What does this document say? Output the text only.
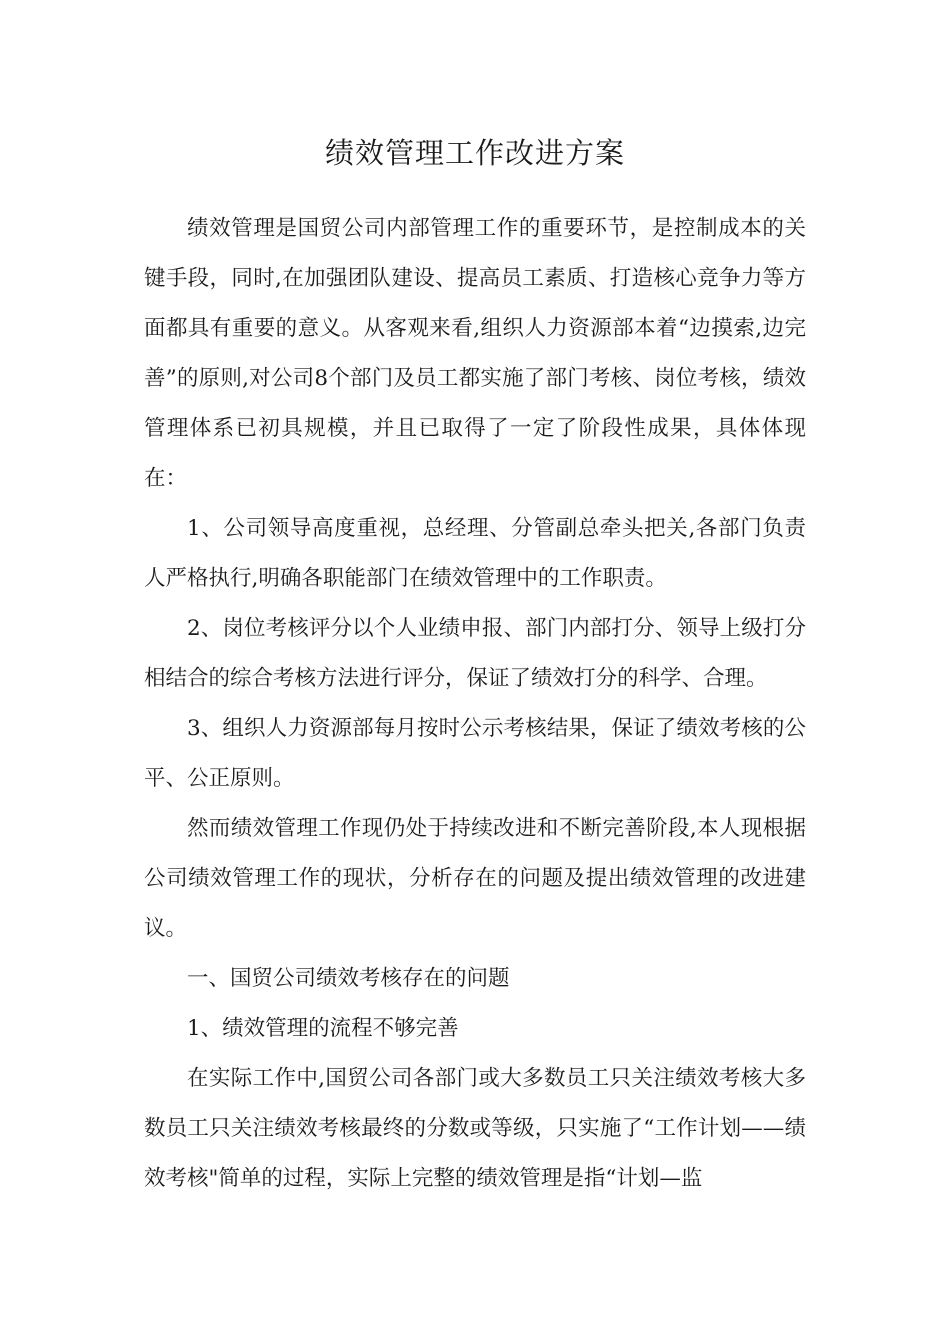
绩效管理工作改进方案

绩效管理是国贸公司内部管理工作的重要环节，是控制成本的关键手段，同时,在加强团队建设、提高员工素质、打造核心竞争力等方面都具有重要的意义。从客观来看,组织人力资源部本着“边摸索,边完善”的原则,对公司8个部门及员工都实施了部门考核、岗位考核，绩效管理体系已初具规模，并且已取得了一定了阶段性成果，具体体现在：

1、公司领导高度重视，总经理、分管副总牵头把关,各部门负责人严格执行,明确各职能部门在绩效管理中的工作职责。

2、岗位考核评分以个人业绩申报、部门内部打分、领导上级打分相结合的综合考核方法进行评分，保证了绩效打分的科学、合理。

3、组织人力资源部每月按时公示考核结果，保证了绩效考核的公平、公正原则。

然而绩效管理工作现仍处于持续改进和不断完善阶段,本人现根据公司绩效管理工作的现状，分析存在的问题及提出绩效管理的改进建议。

一、国贸公司绩效考核存在的问题

1、绩效管理的流程不够完善

在实际工作中,国贸公司各部门或大多数员工只关注绩效考核大多数员工只关注绩效考核最终的分数或等级，只实施了“工作计划——绩效考核"简单的过程，实际上完整的绩效管理是指“计划—监
